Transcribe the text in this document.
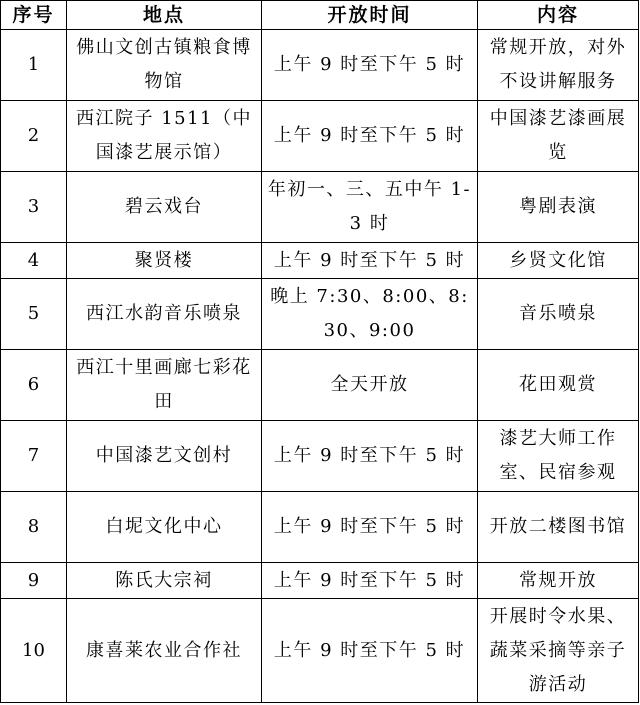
序号	地点	开放时间	内容
1	佛山文创古镇粮食博物馆	上午 9 时至下午 5 时	常规开放，对外不设讲解服务
2	西江院子 1511（中国漆艺展示馆）	上午 9 时至下午 5 时	中国漆艺漆画展览
3	碧云戏台	年初一、三、五中午 1-3 时	粤剧表演
4	聚贤楼	上午 9 时至下午 5 时	乡贤文化馆
5	西江水韵音乐喷泉	晚上 7:30、8:00、8:30、9:00	音乐喷泉
6	西江十里画廊七彩花田	全天开放	花田观赏
7	中国漆艺文创村	上午 9 时至下午 5 时	漆艺大师工作室、民宿参观
8	白坭文化中心	上午 9 时至下午 5 时	开放二楼图书馆
9	陈氏大宗祠	上午 9 时至下午 5 时	常规开放
10	康喜莱农业合作社	上午 9 时至下午 5 时	开展时令水果、蔬菜采摘等亲子游活动
